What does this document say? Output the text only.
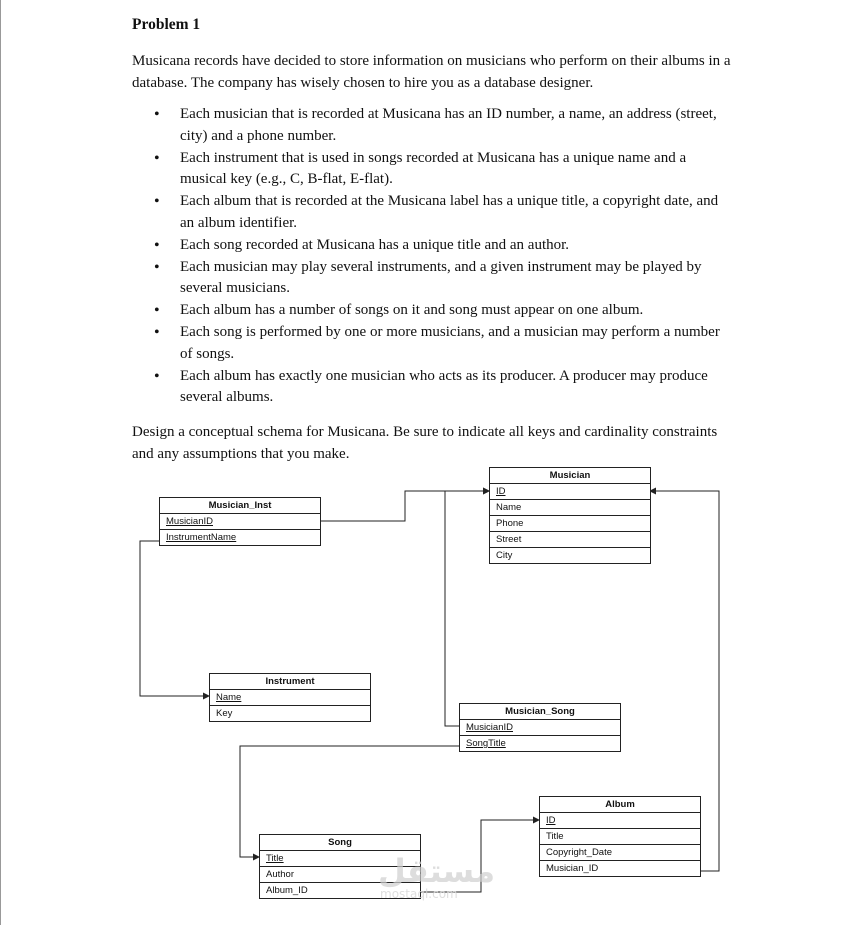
Problem 1

Musicana records have decided to store information on musicians who perform on their albums in a database. The company has wisely chosen to hire you as a database designer.

• Each musician that is recorded at Musicana has an ID number, a name, an address (street, city) and a phone number.
• Each instrument that is used in songs recorded at Musicana has a unique name and a musical key (e.g., C, B-flat, E-flat).
• Each album that is recorded at the Musicana label has a unique title, a copyright date, and an album identifier.
• Each song recorded at Musicana has a unique title and an author.
• Each musician may play several instruments, and a given instrument may be played by several musicians.
• Each album has a number of songs on it and song must appear on one album.
• Each song is performed by one or more musicians, and a musician may perform a number of songs.
• Each album has exactly one musician who acts as its producer. A producer may produce several albums.

Design a conceptual schema for Musicana. Be sure to indicate all keys and cardinality constraints and any assumptions that you make.

Musician
ID
Name
Phone
Street
City
Musician_Inst
MusicianID
InstrumentName
Instrument
Name
Key	Musician_Song
MusicianID
SongTitle
Album
ID
Title
Copyright_Date
Musician_ID
Song
Title
Author
Album_ID
مستقل
mostaql.com
